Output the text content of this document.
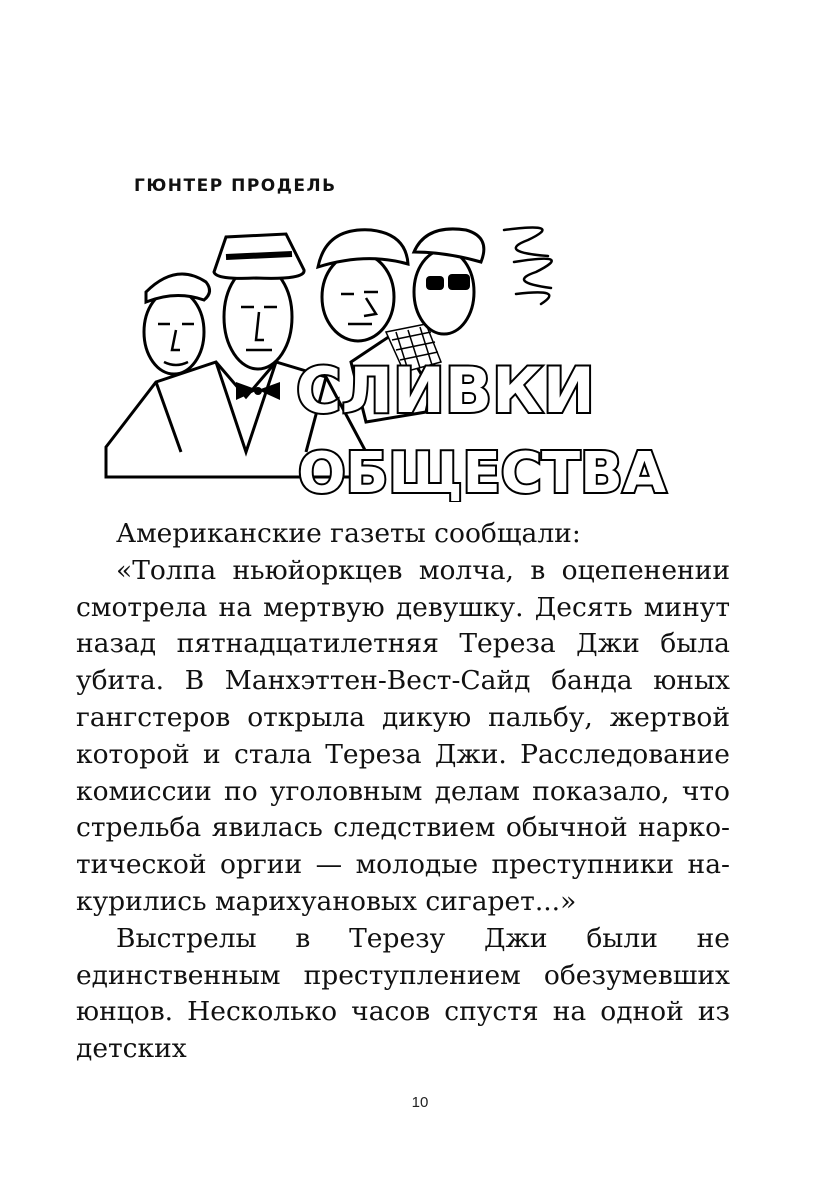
ГЮНТЕР ПРОДЕЛЬ
СЛИВКИ
ОБЩЕСТВА

Американские газеты сообщали:

«Толпа ньюйоркцев молча, в оцепенении смотрела на мертвую девушку. Десять минут назад пятнадцатилетняя Тереза Джи была убита. В Манхэттен-Вест-Сайд банда юных гангстеров открыла дикую пальбу, жертвой которой и стала Тереза Джи. Расследование комиссии по уголовным делам показало, что стрельба явилась следствием обычной наркотической оргии — молодые преступники накурились марихуановых сигарет...»

Выстрелы в Терезу Джи были не единственным преступлением обезумевших юнцов. Несколько часов спустя на одной из детских

10
